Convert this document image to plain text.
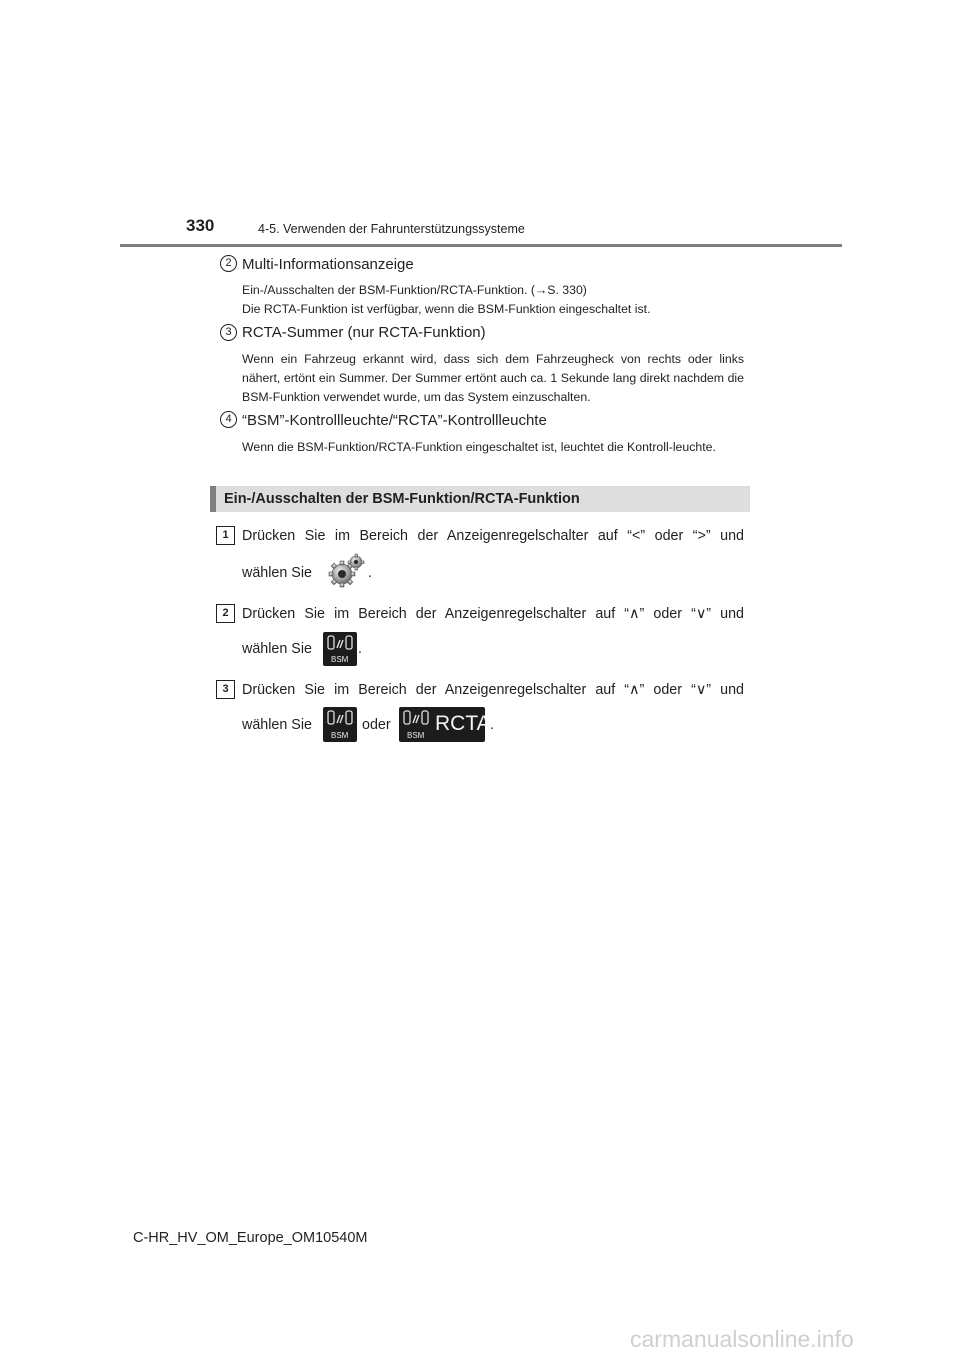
330	4-5. Verwenden der Fahrunterstützungssysteme
2 Multi-Informationsanzeige
Ein-/Ausschalten der BSM-Funktion/RCTA-Funktion. (→S. 330)
Die RCTA-Funktion ist verfügbar, wenn die BSM-Funktion eingeschaltet ist.
3 RCTA-Summer (nur RCTA-Funktion)
Wenn ein Fahrzeug erkannt wird, dass sich dem Fahrzeugheck von rechts oder links nähert, ertönt ein Summer. Der Summer ertönt auch ca. 1 Sekunde lang direkt nachdem die BSM-Funktion verwendet wurde, um das System einzuschalten.
4 “BSM”-Kontrollleuchte/“RCTA”-Kontrollleuchte
Wenn die BSM-Funktion/RCTA-Funktion eingeschaltet ist, leuchtet die Kontroll-leuchte.
Ein-/Ausschalten der BSM-Funktion/RCTA-Funktion
1 Drücken Sie im Bereich der Anzeigenregelschalter auf “<” oder “>” und
wählen Sie	.
2 Drücken Sie im Bereich der Anzeigenregelschalter auf “∧” oder “∨” und
wählen Sie
BSM
.
3 Drücken Sie im Bereich der Anzeigenregelschalter auf “∧” oder “∨” und
wählen Sie
BSM
oder
BSM
RCTA .
C-HR_HV_OM_Europe_OM10540M
carmanualsonline.info
